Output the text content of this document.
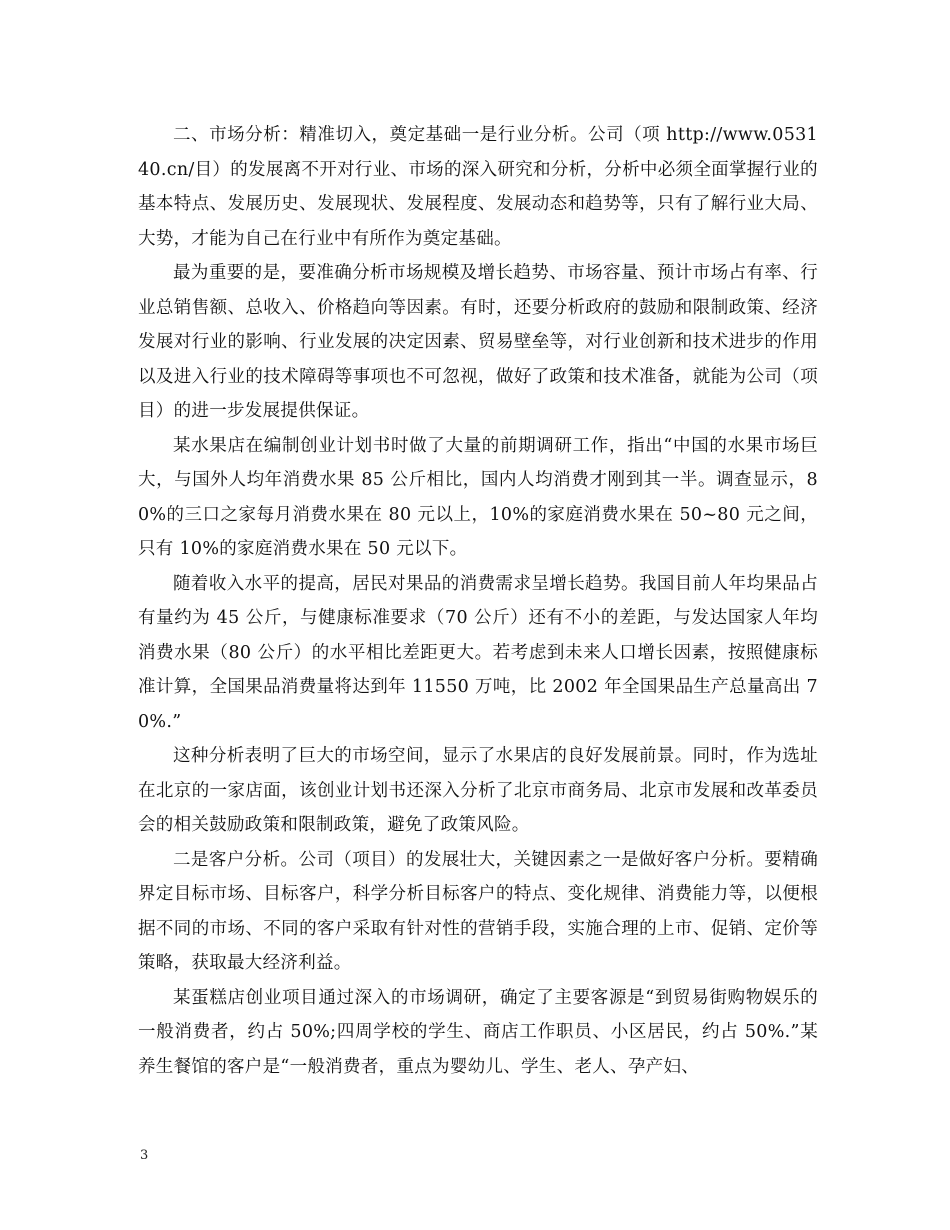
二、市场分析：精准切入，奠定基础一是行业分析。公司（项 http://www.053140.cn/目）的发展离不开对行业、市场的深入研究和分析，分析中必须全面掌握行业的基本特点、发展历史、发展现状、发展程度、发展动态和趋势等，只有了解行业大局、大势，才能为自己在行业中有所作为奠定基础。

最为重要的是，要准确分析市场规模及增长趋势、市场容量、预计市场占有率、行业总销售额、总收入、价格趋向等因素。有时，还要分析政府的鼓励和限制政策、经济发展对行业的影响、行业发展的决定因素、贸易壁垒等，对行业创新和技术进步的作用以及进入行业的技术障碍等事项也不可忽视，做好了政策和技术准备，就能为公司（项目）的进一步发展提供保证。

某水果店在编制创业计划书时做了大量的前期调研工作，指出“中国的水果市场巨大，与国外人均年消费水果 85 公斤相比，国内人均消费才刚到其一半。调查显示，80%的三口之家每月消费水果在 80 元以上，10%的家庭消费水果在 50~80 元之间，只有 10%的家庭消费水果在 50 元以下。

随着收入水平的提高，居民对果品的消费需求呈增长趋势。我国目前人年均果品占有量约为 45 公斤，与健康标准要求（70 公斤）还有不小的差距，与发达国家人年均消费水果（80 公斤）的水平相比差距更大。若考虑到未来人口增长因素，按照健康标准计算，全国果品消费量将达到年 11550 万吨，比 2002 年全国果品生产总量高出 70%.”

这种分析表明了巨大的市场空间，显示了水果店的良好发展前景。同时，作为选址在北京的一家店面，该创业计划书还深入分析了北京市商务局、北京市发展和改革委员会的相关鼓励政策和限制政策，避免了政策风险。

二是客户分析。公司（项目）的发展壮大，关键因素之一是做好客户分析。要精确界定目标市场、目标客户，科学分析目标客户的特点、变化规律、消费能力等，以便根据不同的市场、不同的客户采取有针对性的营销手段，实施合理的上市、促销、定价等策略，获取最大经济利益。

某蛋糕店创业项目通过深入的市场调研，确定了主要客源是“到贸易街购物娱乐的一般消费者，约占 50%;四周学校的学生、商店工作职员、小区居民，约占 50%.”某养生餐馆的客户是“一般消费者，重点为婴幼儿、学生、老人、孕产妇、

3
